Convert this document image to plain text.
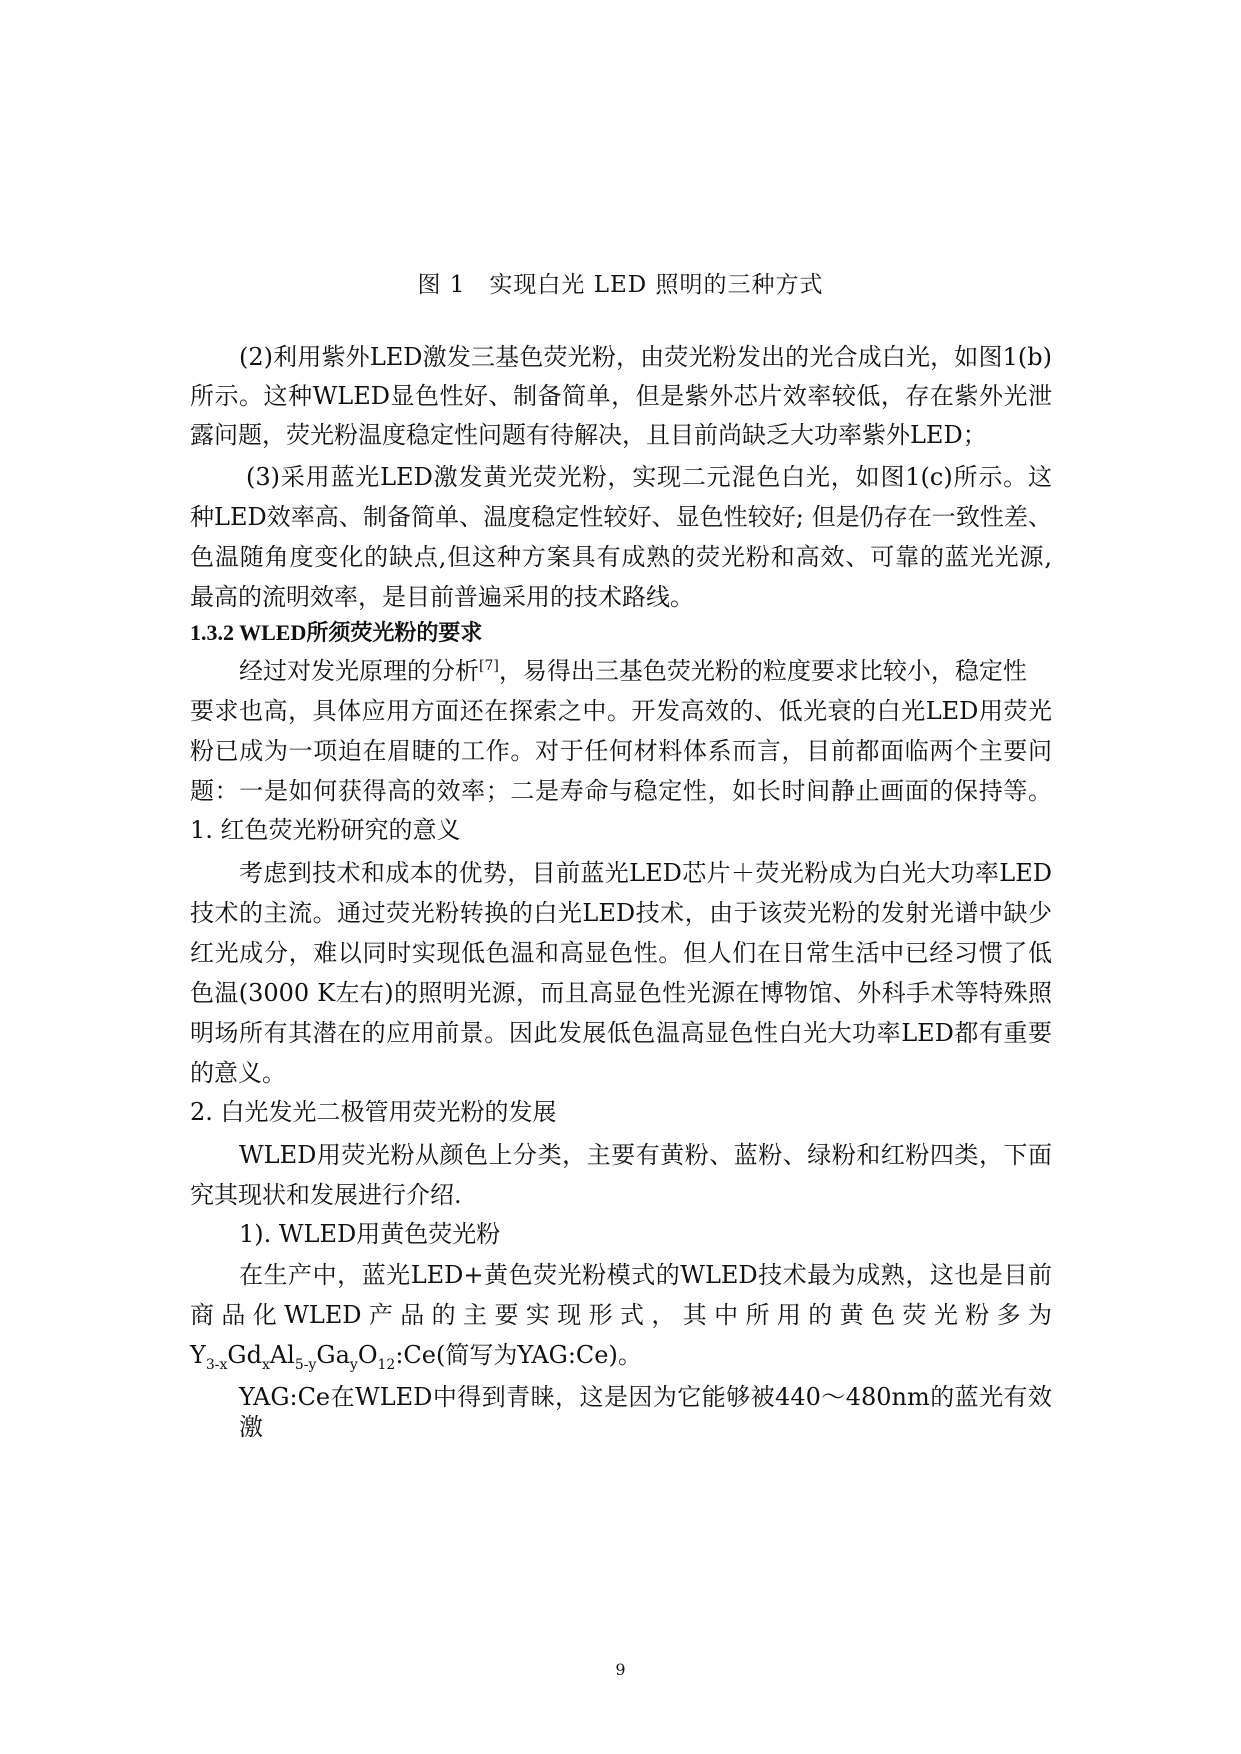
图 1　实现白光 LED 照明的三种方式
(2)利用紫外LED激发三基色荧光粉，由荧光粉发出的光合成白光，如图1(b)
所示。这种WLED显色性好、制备简单，但是紫外芯片效率较低，存在紫外光泄
露问题，荧光粉温度稳定性问题有待解决，且目前尚缺乏大功率紫外LED；
(3)采用蓝光LED激发黄光荧光粉，实现二元混色白光，如图1(c)所示。这
种LED效率高、制备简单、温度稳定性较好、显色性较好; 但是仍存在一致性差、
色温随角度变化的缺点,但这种方案具有成熟的荧光粉和高效、可靠的蓝光光源,
最高的流明效率，是目前普遍采用的技术路线。
1.3.2 WLED所须荧光粉的要求
经过对发光原理的分析[7]，易得出三基色荧光粉的粒度要求比较小，稳定性
要求也高，具体应用方面还在探索之中。开发高效的、低光衰的白光LED用荧光
粉已成为一项迫在眉睫的工作。对于任何材料体系而言，目前都面临两个主要问
题：一是如何获得高的效率；二是寿命与稳定性，如长时间静止画面的保持等。
1. 红色荧光粉研究的意义
考虑到技术和成本的优势，目前蓝光LED芯片＋荧光粉成为白光大功率LED
技术的主流。通过荧光粉转换的白光LED技术，由于该荧光粉的发射光谱中缺少
红光成分，难以同时实现低色温和高显色性。但人们在日常生活中已经习惯了低
色温(3000 K左右)的照明光源，而且高显色性光源在博物馆、外科手术等特殊照
明场所有其潜在的应用前景。因此发展低色温高显色性白光大功率LED都有重要
的意义。
2. 白光发光二极管用荧光粉的发展
WLED用荧光粉从颜色上分类，主要有黄粉、蓝粉、绿粉和红粉四类，下面
究其现状和发展进行介绍.
1). WLED用黄色荧光粉
在生产中，蓝光LED+黄色荧光粉模式的WLED技术最为成熟，这也是目前
商品化WLED产品的主要实现形式，其中所用的黄色荧光粉多为
$Y_{3-x}Gd_xAl_{5-y}Ga_yO_{12}:Ce$(简写为YAG:Ce)。
YAG:Ce在WLED中得到青睐，这是因为它能够被440～480nm的蓝光有效激
9
